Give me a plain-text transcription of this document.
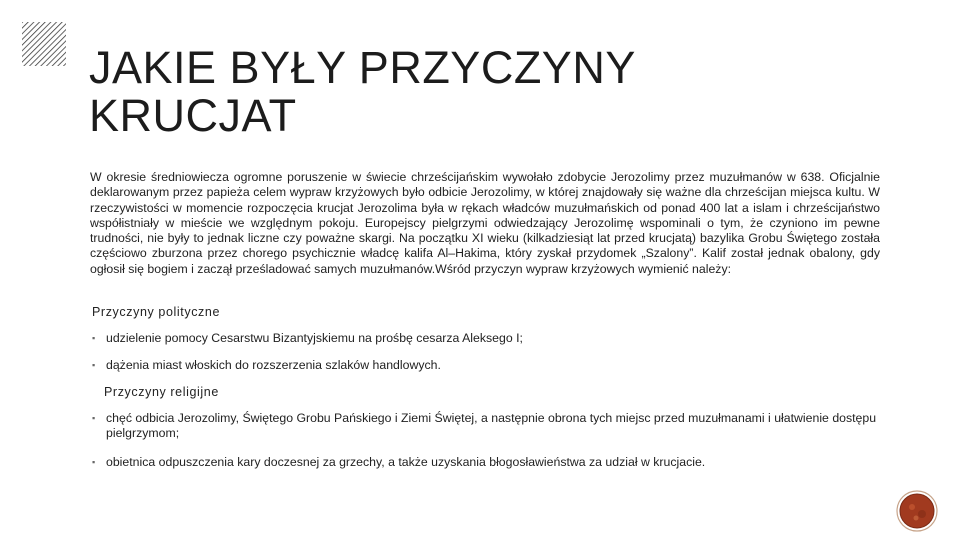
JAKIE BYŁY PRZYCZYNY
KRUCJAT

W okresie średniowiecza ogromne poruszenie w świecie chrześcijańskim wywołało zdobycie Jerozolimy przez muzułmanów w 638. Oficjalnie deklarowanym przez papieża celem wypraw krzyżowych było odbicie Jerozolimy, w której znajdowały się ważne dla chrześcijan miejsca kultu. W rzeczywistości w momencie rozpoczęcia krucjat Jerozolima była w rękach władców muzułmańskich od ponad 400 lat a islam i chrześcijaństwo współistniały w mieście we względnym pokoju. Europejscy pielgrzymi odwiedzający Jerozolimę wspominali o tym, że czyniono im pewne trudności, nie były to jednak liczne czy poważne skargi. Na początku XI wieku (kilkadziesiąt lat przed krucjatą) bazylika Grobu Świętego została częściowo zburzona przez chorego psychicznie władcę kalifa Al–Hakima, który zyskał przydomek „Szalony”. Kalif został jednak obalony, gdy ogłosił się bogiem i zaczął prześladować samych muzułmanów.Wśród przyczyn wypraw krzyżowych wymienić należy:

Przyczyny polityczne

▪ udzielenie pomocy Cesarstwu Bizantyjskiemu na prośbę cesarza Aleksego I;
▪ dążenia miast włoskich do rozszerzenia szlaków handlowych.

Przyczyny religijne

▪ chęć odbicia Jerozolimy, Świętego Grobu Pańskiego i Ziemi Świętej, a następnie obrona tych miejsc przed muzułmanami i ułatwienie dostępu pielgrzymom;
▪ obietnica odpuszczenia kary doczesnej za grzechy, a także uzyskania błogosławieństwa za udział w krucjacie.
